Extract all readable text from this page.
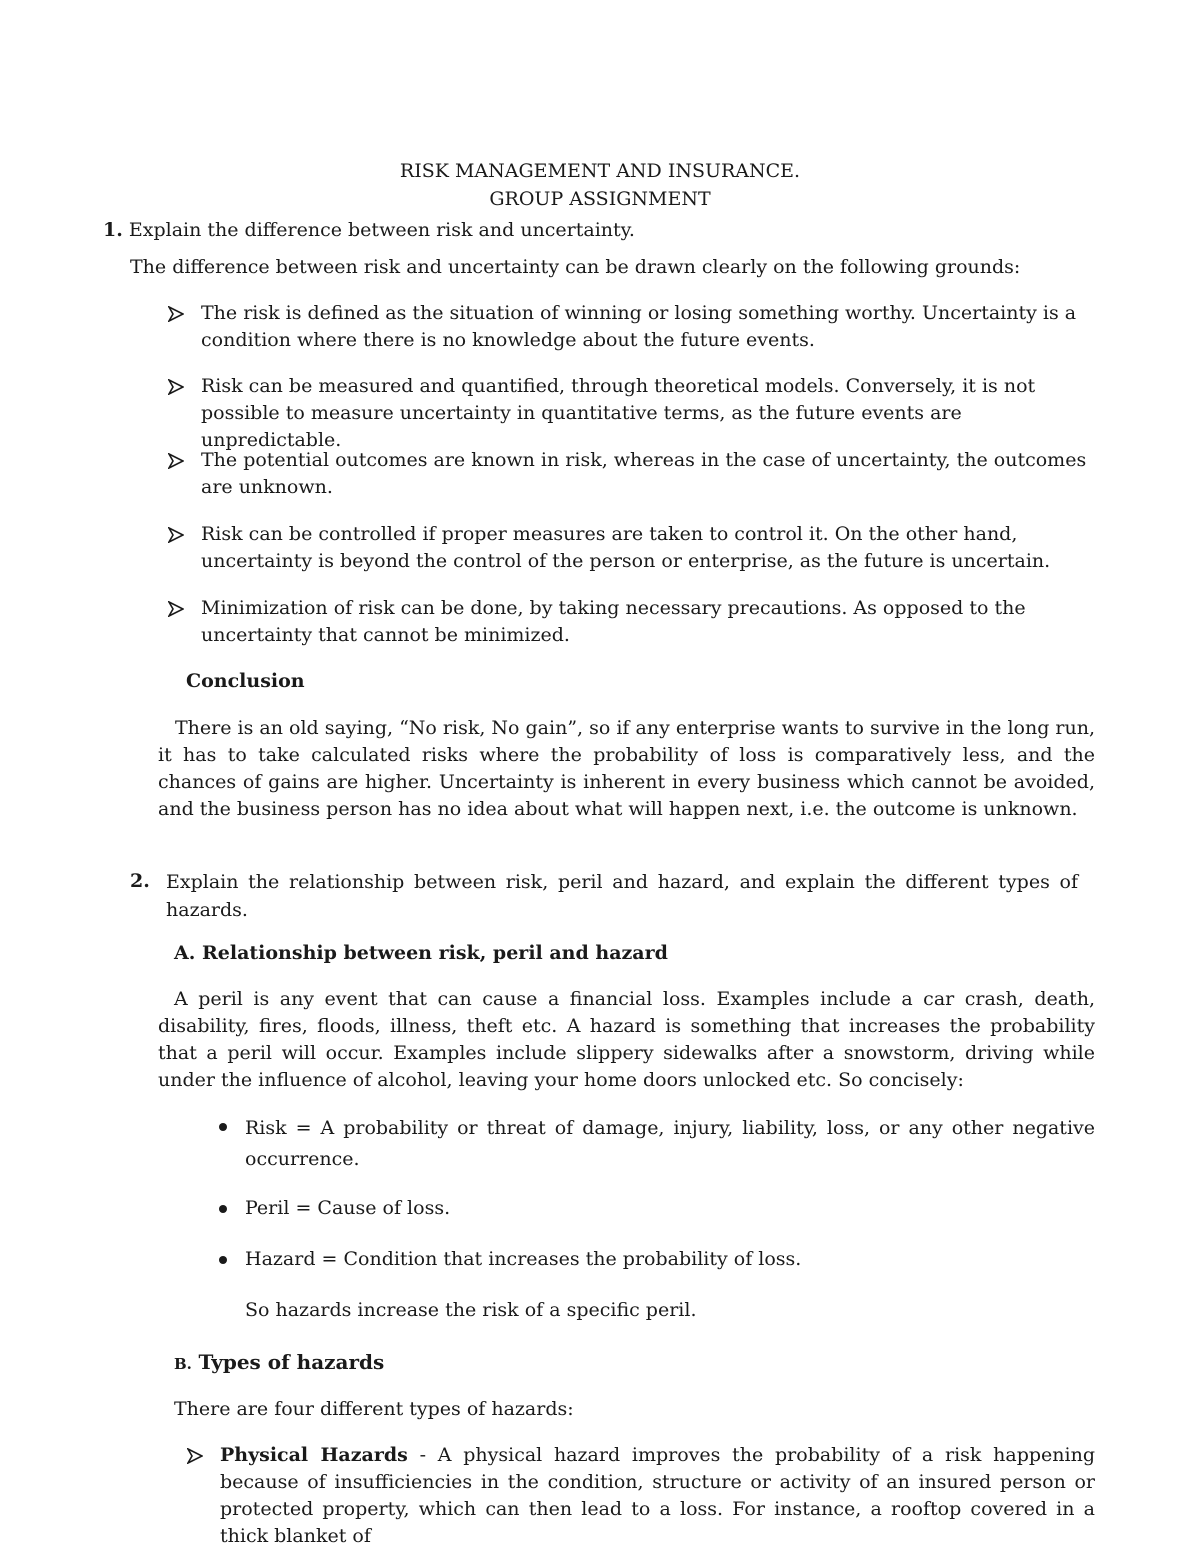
RISK MANAGEMENT AND INSURANCE.
GROUP ASSIGNMENT
1. Explain the difference between risk and uncertainty.
The difference between risk and uncertainty can be drawn clearly on the following grounds:
The risk is defined as the situation of winning or losing something worthy. Uncertainty is a condition where there is no knowledge about the future events.
Risk can be measured and quantified, through theoretical models. Conversely, it is not possible to measure uncertainty in quantitative terms, as the future events are unpredictable.
The potential outcomes are known in risk, whereas in the case of uncertainty, the outcomes are unknown.
Risk can be controlled if proper measures are taken to control it. On the other hand, uncertainty is beyond the control of the person or enterprise, as the future is uncertain.
Minimization of risk can be done, by taking necessary precautions. As opposed to the uncertainty that cannot be minimized.
Conclusion
There is an old saying, “No risk, No gain”, so if any enterprise wants to survive in the long run, it has to take calculated risks where the probability of loss is comparatively less, and the chances of gains are higher. Uncertainty is inherent in every business which cannot be avoided, and the business person has no idea about what will happen next, i.e. the outcome is unknown.
2. Explain the relationship between risk, peril and hazard, and explain the different types of hazards.
A. Relationship between risk, peril and hazard
A peril is any event that can cause a financial loss. Examples include a car crash, death, disability, fires, floods, illness, theft etc. A hazard is something that increases the probability that a peril will occur. Examples include slippery sidewalks after a snowstorm, driving while under the influence of alcohol, leaving your home doors unlocked etc. So concisely:
Risk = A probability or threat of damage, injury, liability, loss, or any other negative occurrence.
Peril = Cause of loss.
Hazard = Condition that increases the probability of loss.
So hazards increase the risk of a specific peril.
B. Types of hazards
There are four different types of hazards:
Physical Hazards - A physical hazard improves the probability of a risk happening because of insufficiencies in the condition, structure or activity of an insured person or protected property, which can then lead to a loss. For instance, a rooftop covered in a thick blanket of
